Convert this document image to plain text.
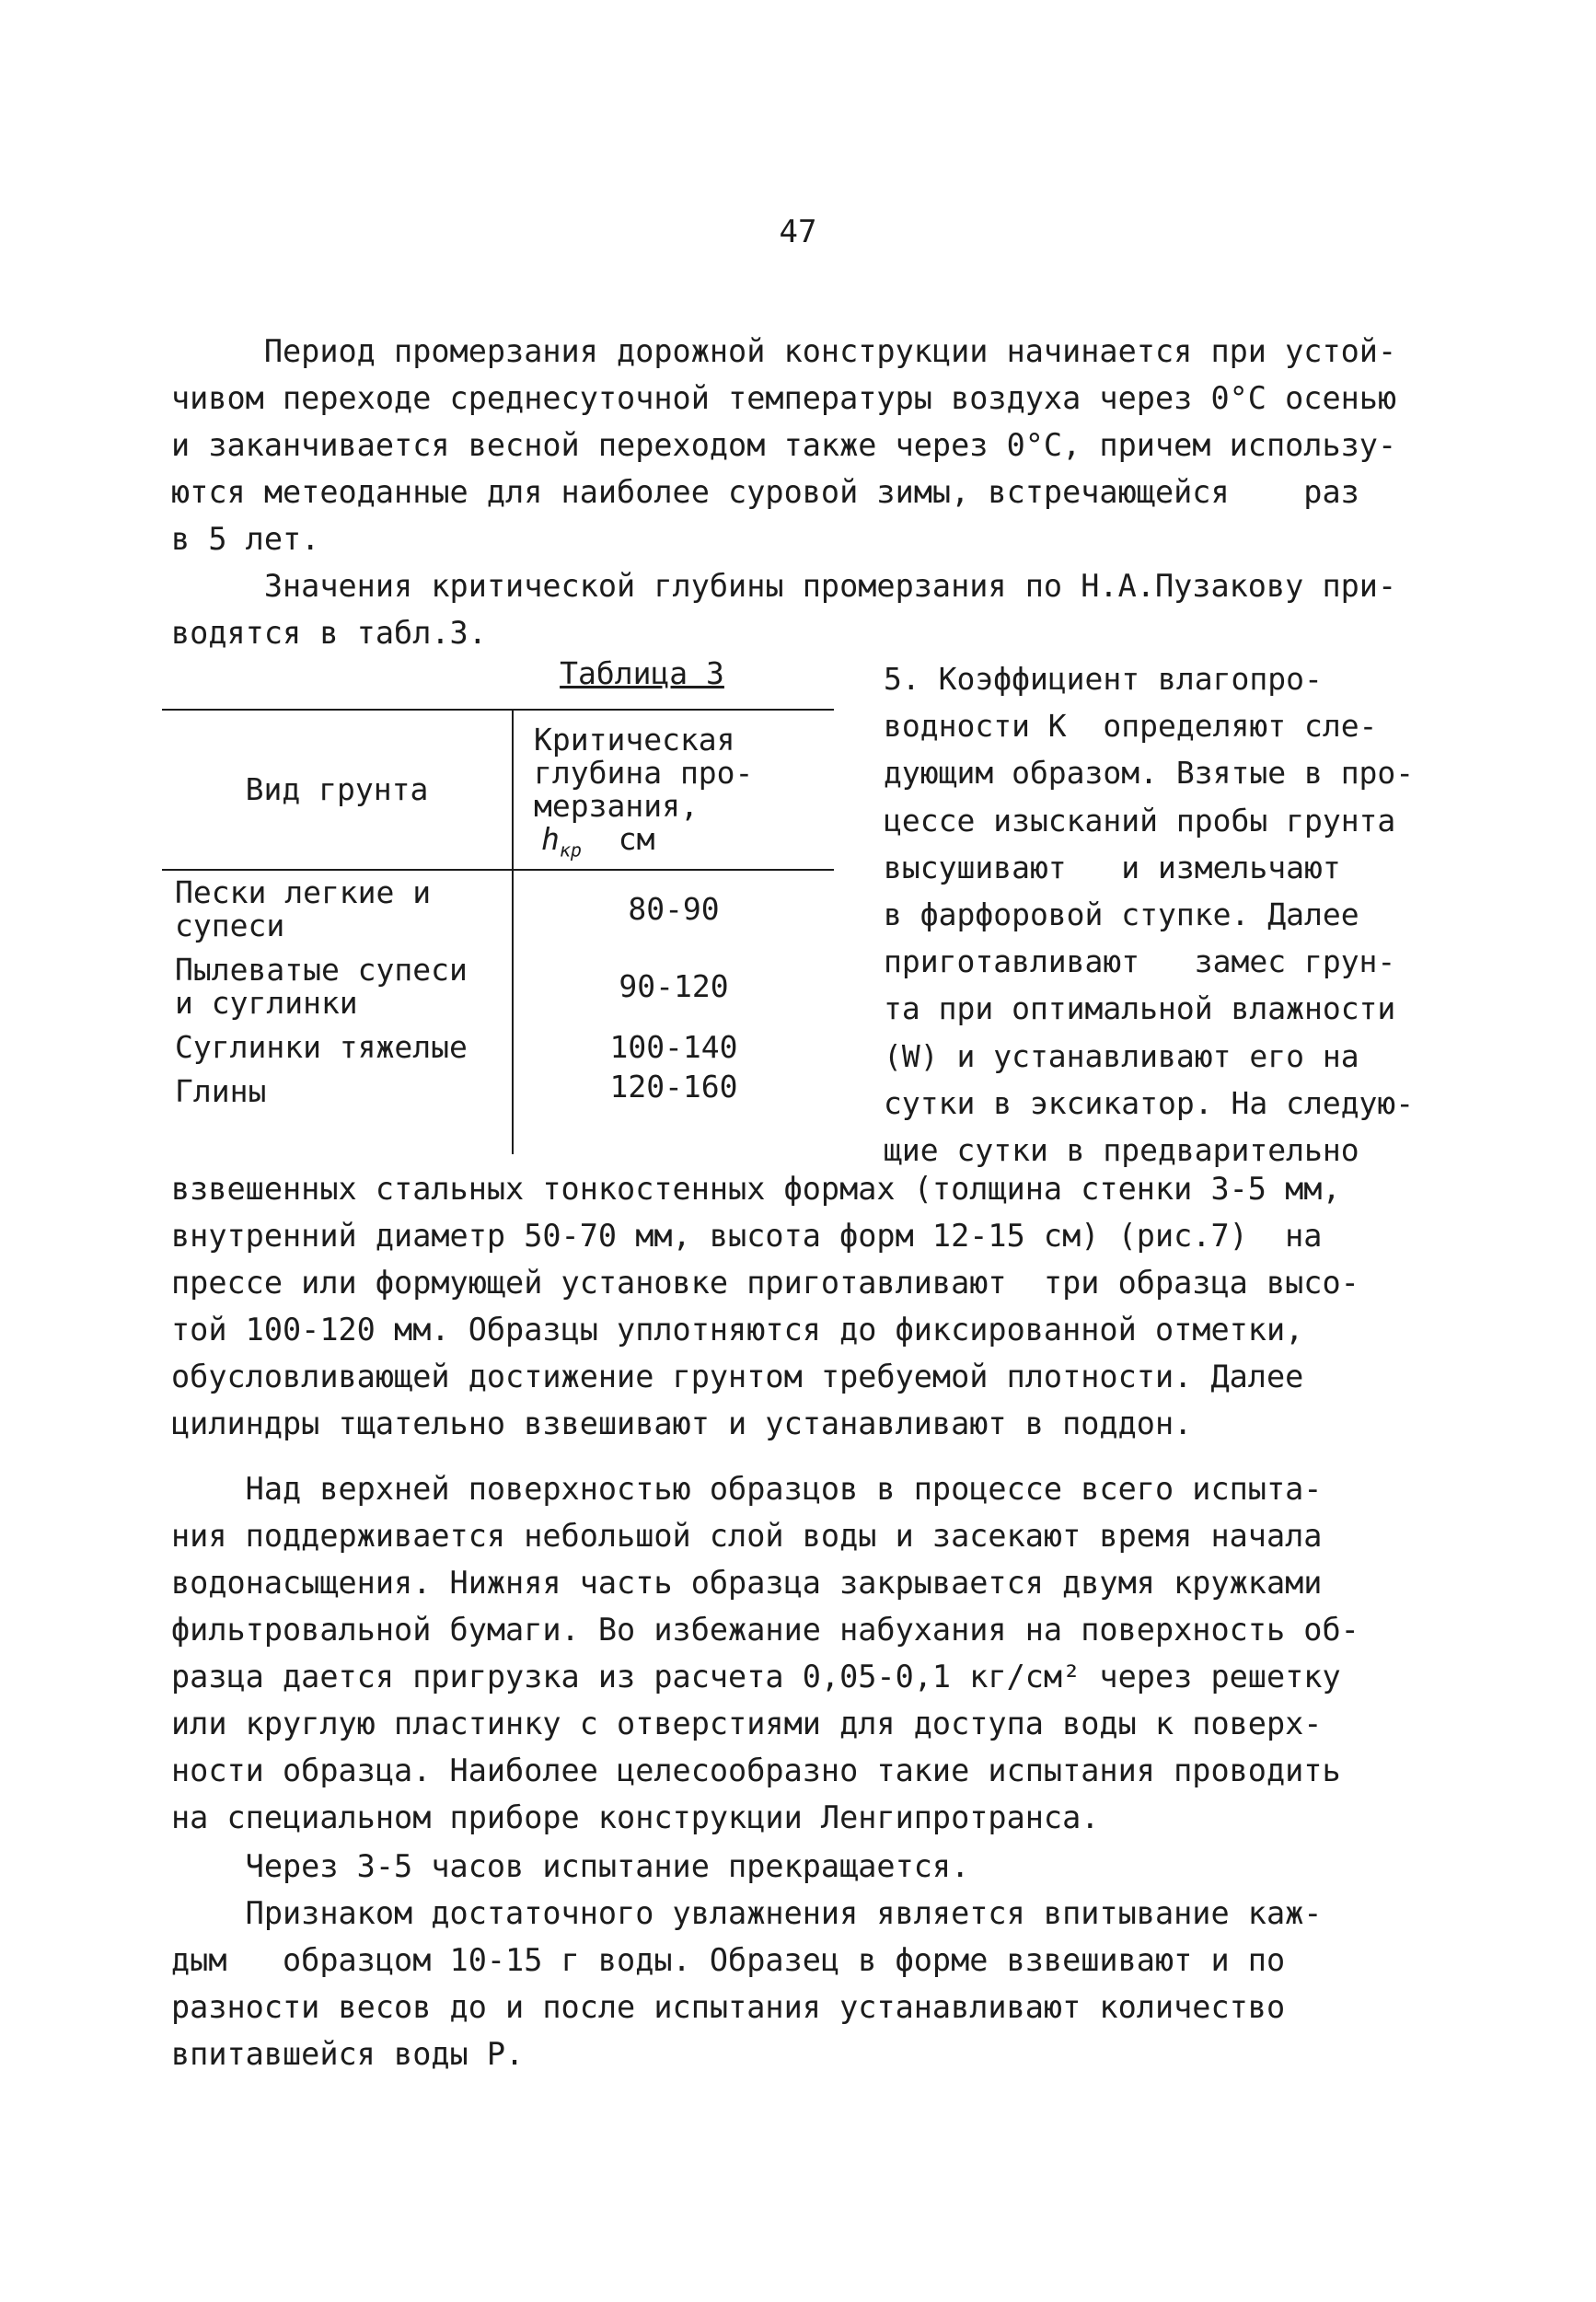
47
Период промерзания дорожной конструкции начинается при устой-
чивом переходе среднесуточной температуры воздуха через 0°С осенью
и заканчивается весной переходом также через 0°С, причем использу-
ются метеоданные для наиболее суровой зимы, встречающейся    раз
в 5 лет.
Значения критической глубины промерзания по Н.А.Пузакову при-
водятся в табл.3.
Таблица 3
Вид грунта	Критическая
глубина про-
мерзания,
$h_{кр}$ см
Пески легкие и
супеси	80-90
Пылеватые супеси
и суглинки	90-120
Суглинки тяжелые	100-140
Глины	120-160
5. Коэффициент влагопро-
водности К  определяют сле-
дующим образом. Взятые в про-
цессе изысканий пробы грунта
высушивают   и измельчают
в фарфоровой ступке. Далее
приготавливают   замес грун-
та при оптимальной влажности
(W) и устанавливают его на
сутки в эксикатор. На следую-
щие сутки в предварительно
взвешенных стальных тонкостенных формах (толщина стенки 3-5 мм,
внутренний диаметр 50-70 мм, высота форм 12-15 см) (рис.7)  на
прессе или формующей установке приготавливают  три образца высо-
той 100-120 мм. Образцы уплотняются до фиксированной отметки,
обусловливающей достижение грунтом требуемой плотности. Далее
цилиндры тщательно взвешивают и устанавливают в поддон.
Над верхней поверхностью образцов в процессе всего испыта-
ния поддерживается небольшой слой воды и засекают время начала
водонасыщения. Нижняя часть образца закрывается двумя кружками
фильтровальной бумаги. Во избежание набухания на поверхность об-
разца дается пригрузка из расчета 0,05-0,1 кг/см² через решетку
или круглую пластинку с отверстиями для доступа воды к поверх-
ности образца. Наиболее целесообразно такие испытания проводить
на специальном приборе конструкции Ленгипротранса.
Через 3-5 часов испытание прекращается.
Признаком достаточного увлажнения является впитывание каж-
дым   образцом 10-15 г воды. Образец в форме взвешивают и по
разности весов до и после испытания устанавливают количество
впитавшейся воды Р.
